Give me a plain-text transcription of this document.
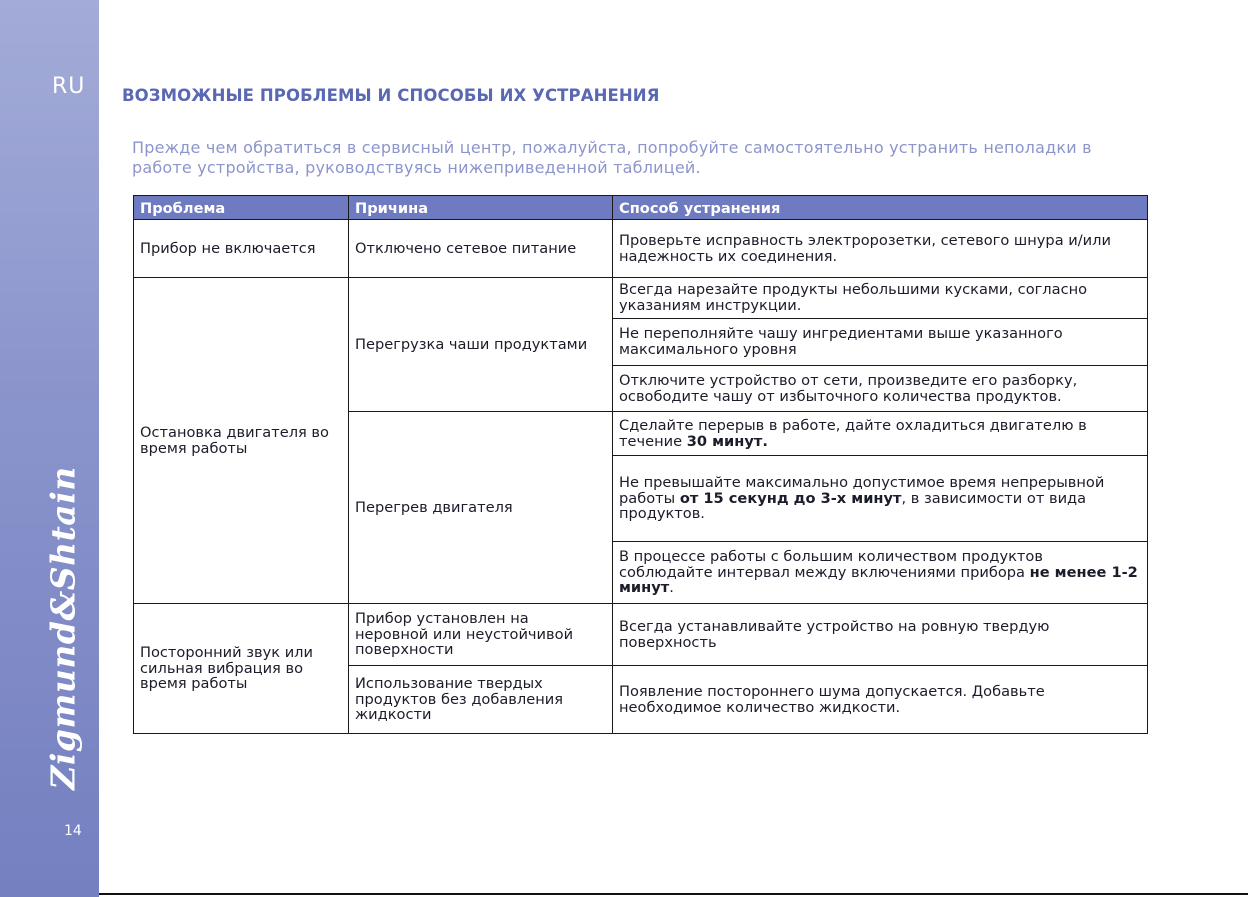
RU
Zigmund&Shtain
14
ВОЗМОЖНЫЕ ПРОБЛЕМЫ И СПОСОБЫ ИХ УСТРАНЕНИЯ
Прежде чем обратиться в сервисный центр, пожалуйста, попробуйте самостоятельно устранить неполадки в работе устройства, руководствуясь нижеприведенной таблицей.
Проблема	Причина	Способ устранения
Прибор не включается	Отключено сетевое питание	Проверьте исправность электророзетки, сетевого шнура и/или надежность их соединения.
Остановка двигателя во время работы	Перегрузка чаши продуктами	Всегда нарезайте продукты небольшими кусками, согласно указаниям инструкции.
		Не переполняйте чашу ингредиентами выше указанного максимального уровня
		Отключите устройство от сети, произведите его разборку, освободите чашу от избыточного количества продуктов.
	Перегрев двигателя	Сделайте перерыв в работе, дайте охладиться двигателю в течение 30 минут.
		Не превышайте максимально допустимое время непрерывной работы от 15 секунд до 3-х минут, в зависимости от вида продуктов.
		В процессе работы с большим количеством продуктов соблюдайте интервал между включениями прибора не менее 1-2 минут.
Посторонний звук или сильная вибрация во время работы	Прибор установлен на неровной или неустойчивой поверхности	Всегда устанавливайте устройство на ровную твердую поверхность
	Использование твердых продуктов без добавления жидкости	Появление постороннего шума допускается. Добавьте необходимое количество жидкости.
